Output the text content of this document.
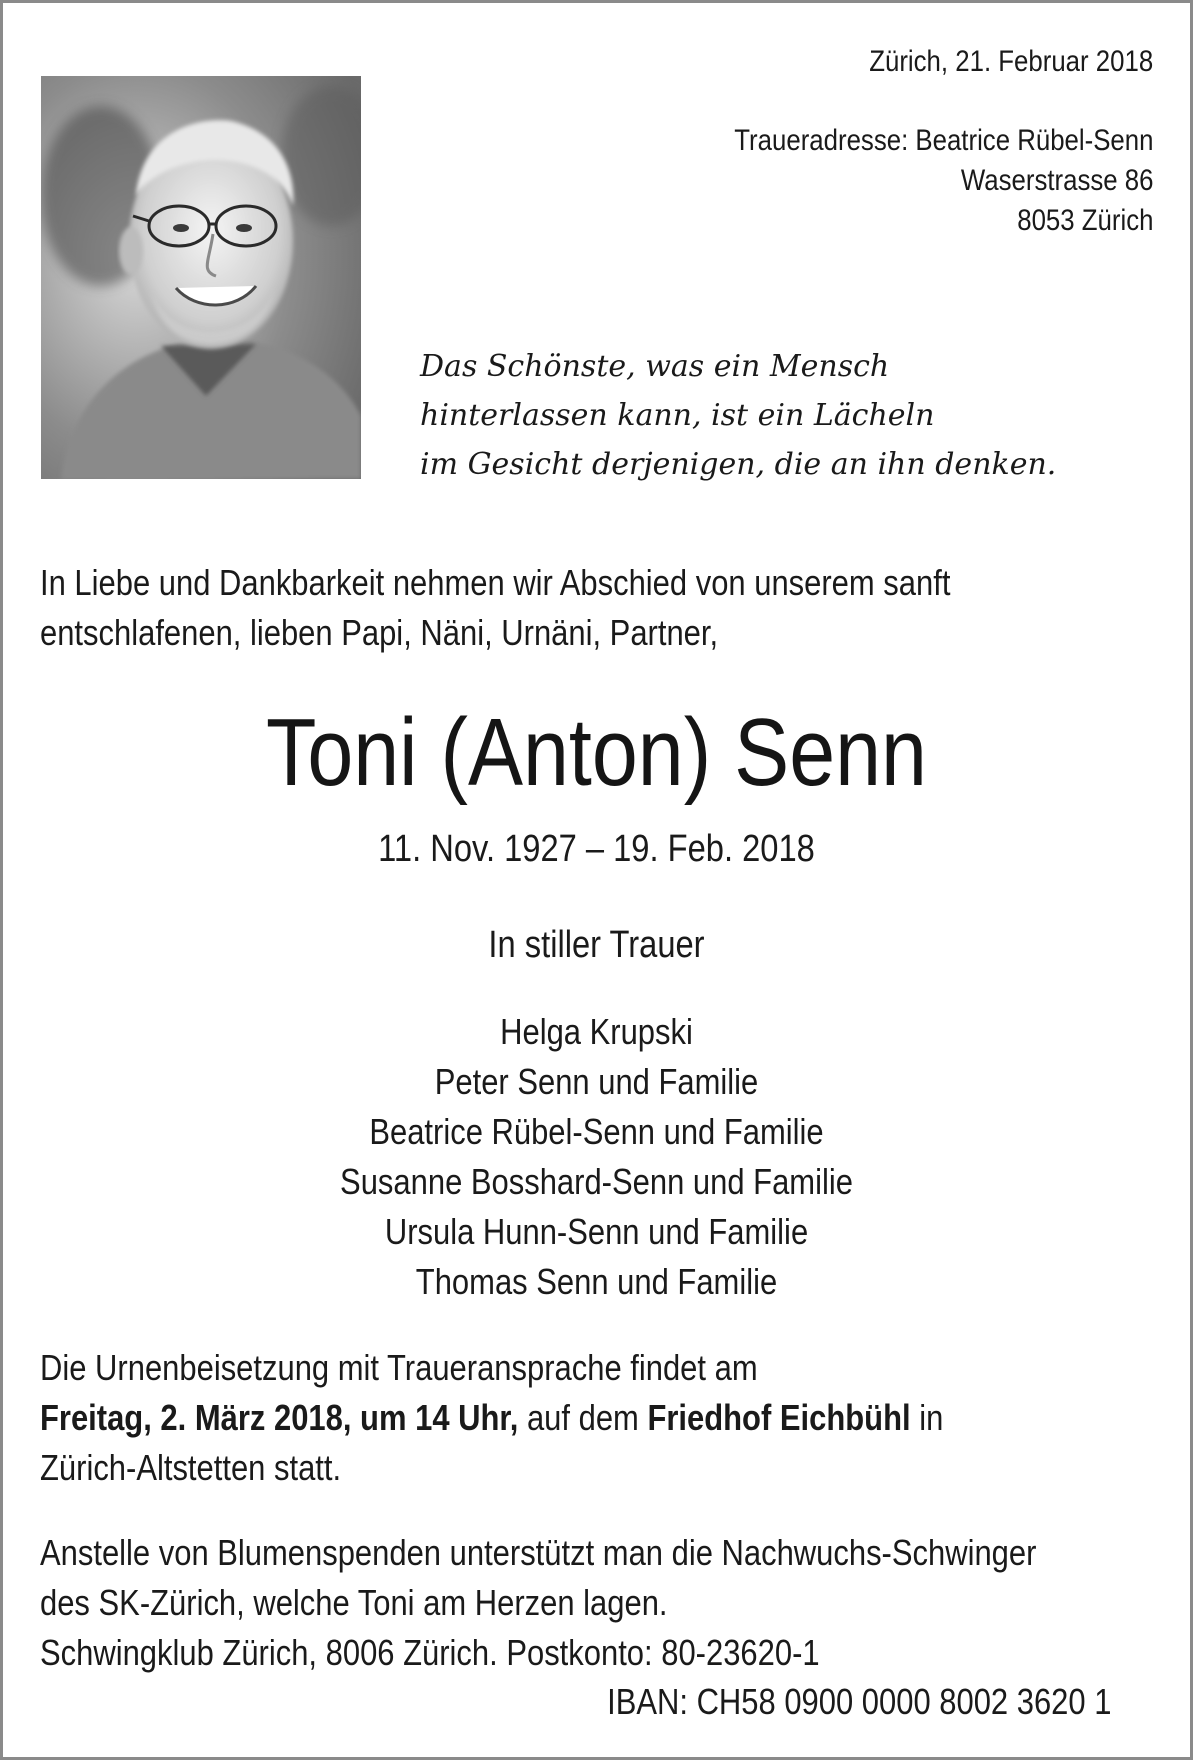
Zürich, 21. Februar 2018
Traueradresse: Beatrice Rübel-Senn
Waserstrasse 86
8053 Zürich
Das Schönste, was ein Mensch
hinterlassen kann, ist ein Lächeln
im Gesicht derjenigen, die an ihn denken.
In Liebe und Dankbarkeit nehmen wir Abschied von unserem sanft
entschlafenen, lieben Papi, Näni, Urnäni, Partner,
Toni (Anton) Senn
11. Nov. 1927 – 19. Feb. 2018
In stiller Trauer
Helga Krupski
Peter Senn und Familie
Beatrice Rübel-Senn und Familie
Susanne Bosshard-Senn und Familie
Ursula Hunn-Senn und Familie
Thomas Senn und Familie
Die Urnenbeisetzung mit Traueransprache findet am
Freitag, 2. März 2018, um 14 Uhr, auf dem Friedhof Eichbühl in
Zürich-Altstetten statt.
Anstelle von Blumenspenden unterstützt man die Nachwuchs-Schwinger
des SK-Zürich, welche Toni am Herzen lagen.
Schwingklub Zürich, 8006 Zürich. Postkonto: 80-23620-1
IBAN: CH58 0900 0000 8002 3620 1
